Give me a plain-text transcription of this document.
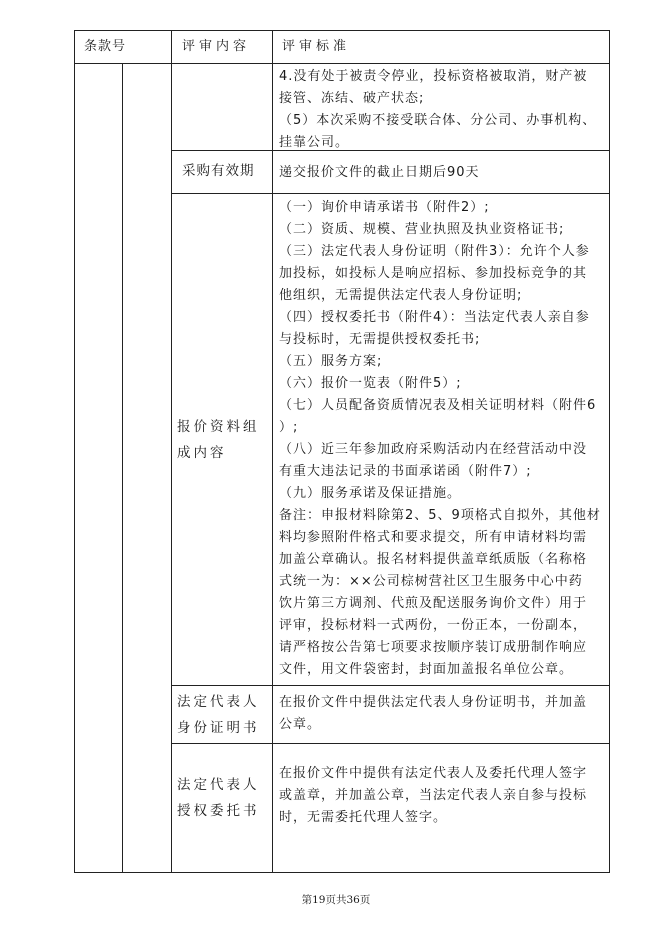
条款号	评审内容 评审标准
4.没有处于被责令停业，投标资格被取消，财产被
接管、冻结、破产状态;
（5）本次采购不接受联合体、分公司、办事机构、
挂靠公司。
采购有效期 递交报价文件的截止日期后90天
报价资料组成内容
（一）询价申请承诺书（附件2）;
（二）资质、规模、营业执照及执业资格证书;
（三）法定代表人身份证明（附件3）：允许个人参
加投标，如投标人是响应招标、参加投标竞争的其
他组织，无需提供法定代表人身份证明;
（四）授权委托书（附件4）：当法定代表人亲自参
与投标时，无需提供授权委托书;
（五）服务方案;
（六）报价一览表（附件5）;
（七）人员配备资质情况表及相关证明材料（附件6
）;
（八）近三年参加政府采购活动内在经营活动中没
有重大违法记录的书面承诺函（附件7）;
（九）服务承诺及保证措施。
备注：申报材料除第2、5、9项格式自拟外，其他材
料均参照附件格式和要求提交，所有申请材料均需
加盖公章确认。报名材料提供盖章纸质版（名称格
式统一为：××公司棕树营社区卫生服务中心中药
饮片第三方调剂、代煎及配送服务询价文件）用于
评审，投标材料一式两份，一份正本，一份副本，
请严格按公告第七项要求按顺序装订成册制作响应
文件，用文件袋密封，封面加盖报名单位公章。
法定代表人身份证明书
在报价文件中提供法定代表人身份证明书，并加盖
公章。
法定代表人授权委托书
在报价文件中提供有法定代表人及委托代理人签字
或盖章，并加盖公章，当法定代表人亲自参与投标
时，无需委托代理人签字。
第19页共36页
